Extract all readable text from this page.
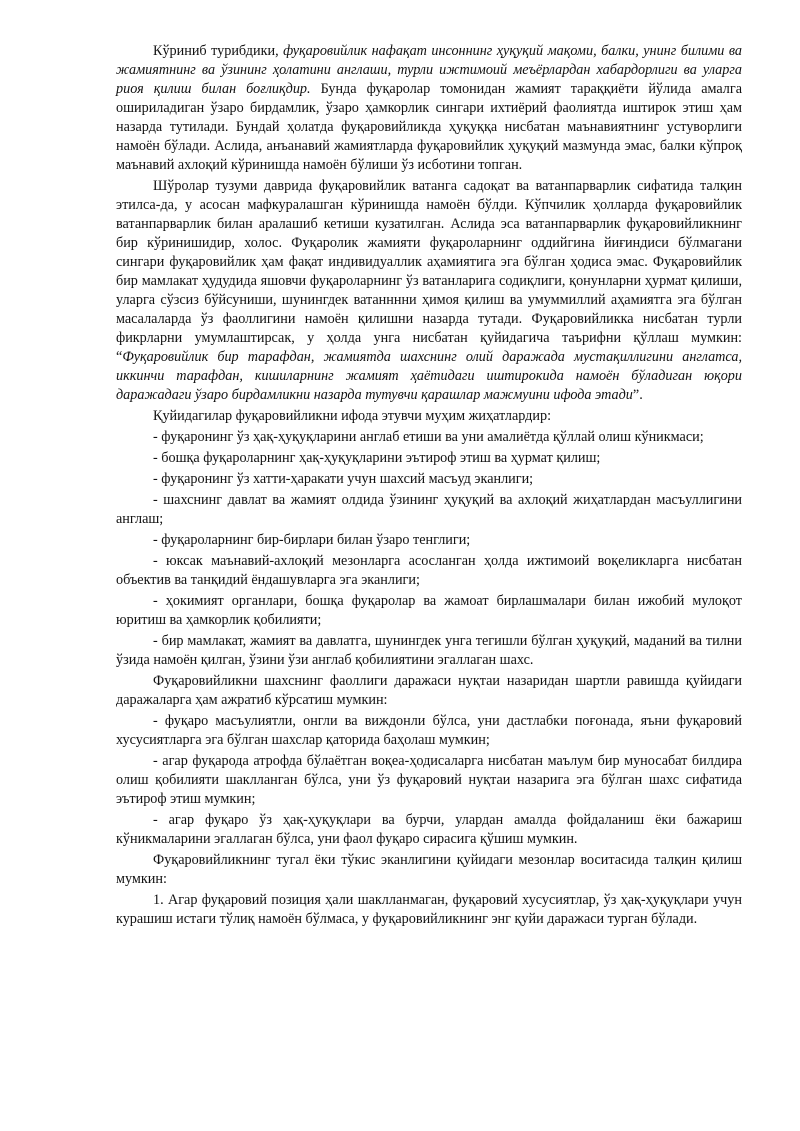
Кўриниб турибдики, фуқаровийлик нафақат инсоннинг ҳуқуқий мақоми, балки, унинг билими ва жамиятнинг ва ўзининг ҳолатини англаши, турли ижтимоий меъёрлардан хабардорлиги ва уларга риоя қилиш билан боғлиқдир. Бунда фуқаролар томонидан жамият тараққиёти йўлида амалга ошириладиган ўзаро бирдамлик, ўзаро ҳамкорлик сингари ихтиёрий фаолиятда иштирок этиш ҳам назарда тутилади. Бундай ҳолатда фуқаровийликда ҳуқуққа нисбатан маънавиятнинг устуворлиги намоён бўлади. Аслида, анъанавий жамиятларда фуқаровийлик ҳуқуқий мазмунда эмас, балки кўпроқ маънавий ахлоқий кўринишда намоён бўлиши ўз исботини топган.

Шўролар тузуми даврида фуқаровийлик ватанга садоқат ва ватанпарварлик сифатида талқин этилса-да, у асосан мафкуралашган кўринишда намоён бўлди. Кўпчилик ҳолларда фуқаровийлик ватанпарварлик билан аралашиб кетиши кузатилган. Аслида эса ватанпарварлик фуқаровийликнинг бир кўринишидир, холос. Фуқаролик жамияти фуқароларнинг оддийгина йиғиндиси бўлмагани сингари фуқаровийлик ҳам фақат индивидуаллик аҳамиятига эга бўлган ҳодиса эмас. Фуқаровийлик бир мамлакат ҳудудида яшовчи фуқароларнинг ўз ватанларига содиқлиги, қонунларни ҳурмат қилиши, уларга сўзсиз бўйсуниши, шунингдек ватанннни ҳимоя қилиш ва умуммиллий аҳамиятга эга бўлган масалаларда ўз фаоллигини намоён қилишни назарда тутади. Фуқаровийликка нисбатан турли фикрларни умумлаштирсак, у ҳолда унга нисбатан қуйидагича таърифни қўллаш мумкин: “Фуқаровийлик бир тарафдан, жамиятда шахснинг олий даражада мустақиллигини англатса, иккинчи тарафдан, кишиларнинг жамият ҳаётидаги иштирокида намоён бўладиган юқори даражадаги ўзаро бирдамликни назарда тутувчи қарашлар мажмуини ифода этади”.

Қуйидагилар фуқаровийликни ифода этувчи муҳим жиҳатлардир:

- фуқаронинг ўз ҳақ-ҳуқуқларини англаб етиши ва уни амалиётда қўллай олиш кўникмаси;

- бошқа фуқароларнинг ҳақ-ҳуқуқларини эътироф этиш ва ҳурмат қилиш;

- фуқаронинг ўз хатти-ҳаракати учун шахсий масъуд эканлиги;

- шахснинг давлат ва жамият олдида ўзининг ҳуқуқий ва ахлоқий жиҳатлардан масъуллигини англаш;

- фуқароларнинг бир-бирлари билан ўзаро тенглиги;

- юксак маънавий-ахлоқий мезонларга асосланган ҳолда ижтимоий воқеликларга нисбатан объектив ва танқидий ёндашувларга эга эканлиги;

- ҳокимият органлари, бошқа фуқаролар ва жамоат бирлашмалари билан ижобий мулоқот юритиш ва ҳамкорлик қобилияти;

- бир мамлакат, жамият ва давлатга, шунингдек унга тегишли бўлган ҳуқуқий, маданий ва тилни ўзида намоён қилган, ўзини ўзи англаб қобилиятини эгаллаган шахс.

Фуқаровийликни шахснинг фаоллиги даражаси нуқтаи назаридан шартли равишда қуйидаги даражаларга ҳам ажратиб кўрсатиш мумкин:

- фуқаро масъулиятли, онгли ва виждонли бўлса, уни дастлабки поғонада, яъни фуқаровий хусусиятларга эга бўлган шахслар қаторида баҳолаш мумкин;

- агар фуқарода атрофда бўлаётган воқеа-ҳодисаларга нисбатан маълум бир муносабат билдира олиш қобилияти шаклланган бўлса, уни ўз фуқаровий нуқтаи назарига эга бўлган шахс сифатида эътироф этиш мумкин;

- агар фуқаро ўз ҳақ-ҳуқуқлари ва бурчи, улардан амалда фойдаланиш ёки бажариш кўникмаларини эгаллаган бўлса, уни фаол фуқаро сирасига қўшиш мумкин.

Фуқаровийликнинг тугал ёки тўкис эканлигини қуйидаги мезонлар воситасида талқин қилиш мумкин:

1. Агар фуқаровий позиция ҳали шаклланмаган, фуқаровий хусусиятлар, ўз ҳақ-ҳуқуқлари учун курашиш истаги тўлиқ намоён бўлмаса, у фуқаровийликнинг энг қуйи даражаси турган бўлади.
